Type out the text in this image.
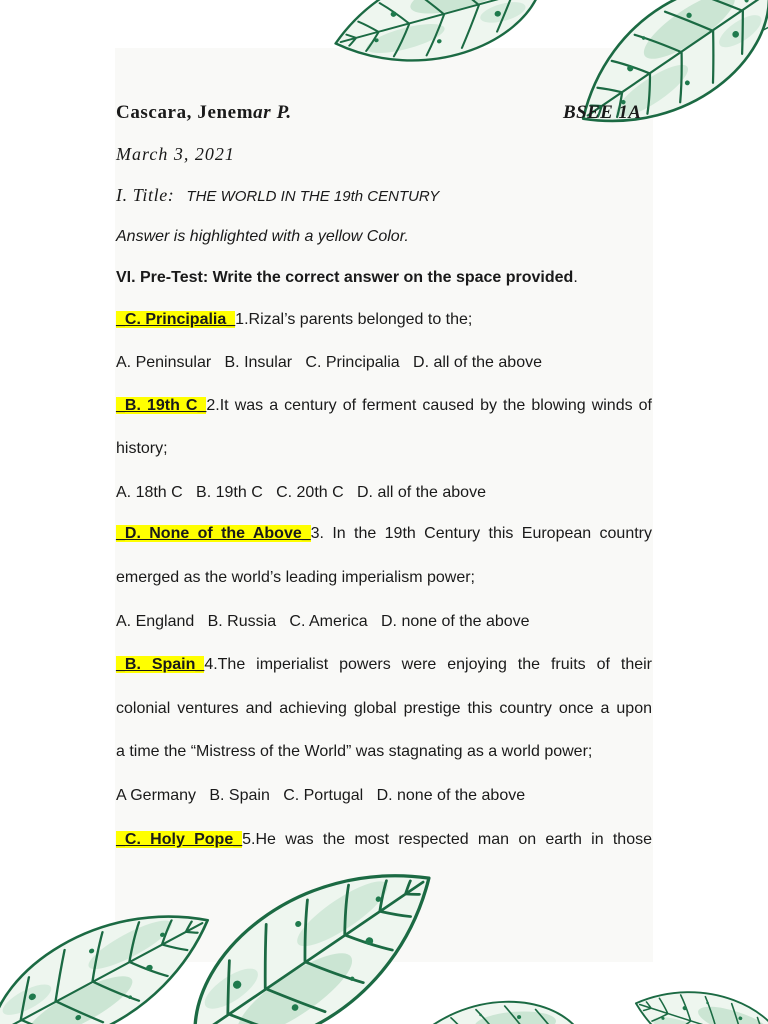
Cascara, Jenemar P.	BSEE 1A
March 3, 2021
I. Title: THE WORLD IN THE 19th CENTURY
Answer is highlighted with a yellow Color.
VI. Pre-Test: Write the correct answer on the space provided.
_C. Principalia_1.Rizal’s parents belonged to the;
A. Peninsular   B. Insular   C. Principalia   D. all of the above
_B. 19th C_2.It was a century of ferment caused by the blowing winds of
history;
A. 18th C   B. 19th C   C. 20th C   D. all of the above
_D. None of the Above_3. In the 19th Century this European country
emerged as the world’s leading imperialism power;
A. England   B. Russia   C. America   D. none of the above
_B. Spain_4.The imperialist powers were enjoying the fruits of their
colonial ventures and achieving global prestige this country once a upon
a time the “Mistress of the World” was stagnating as a world power;
A Germany   B. Spain   C. Portugal   D. none of the above
_C. Holy Pope_5.He was the most respected man on earth in those
